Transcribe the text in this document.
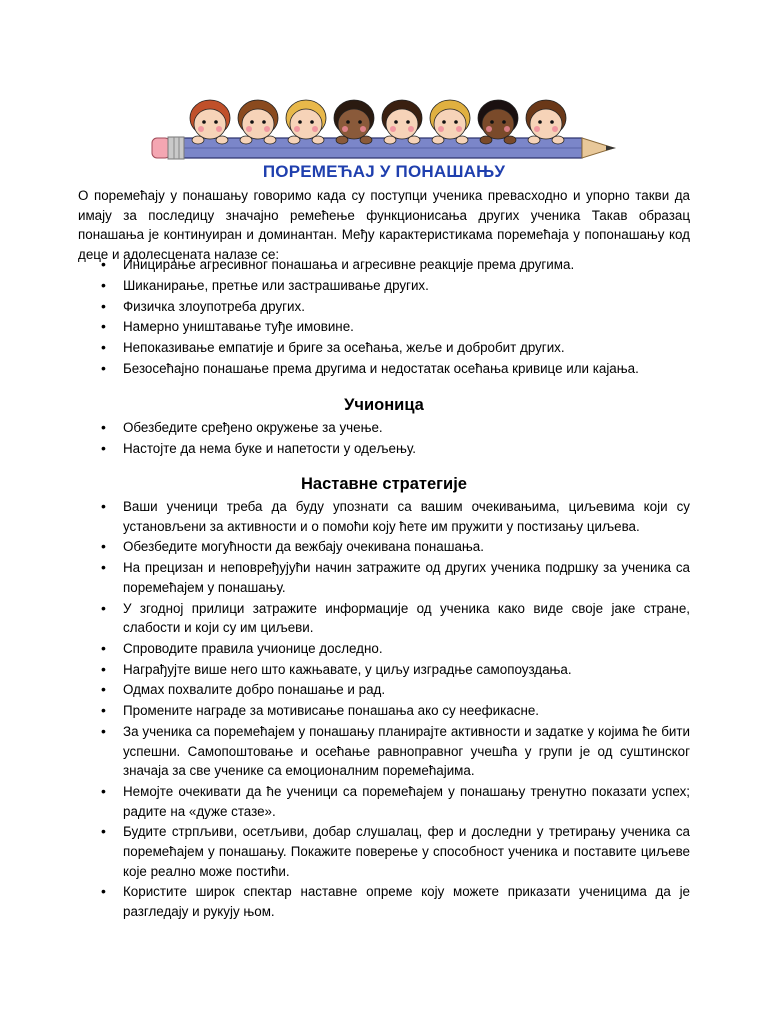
ПОРЕМЕЋАЈ У ПОНАШАЊУ
О поремећају у понашању говоримо када су поступци ученика превасходно и упорно такви да имају за последицу значајно ремећење функционисања других ученика Такав образац понашања је континуиран и доминантан. Међу карактеристикама поремећаја у попонашању код деце и адолесцената налазе се:
• Иницирање агресивног понашања и агресивне реакције према другима.
• Шиканирање, претње или застрашивање других.
• Физичка злоупотреба других.
• Намерно уништавање туђе имовине.
• Непоказивање емпатије и бриге за осећања, жеље и добробит других.
• Безосећајно понашање према другима и недостатак осећања кривице или кајања.
Учионица
• Обезбедите сређено окружење за учење.
• Настојте да нема буке и напетости у одељењу.
Наставне стратегије
• Ваши ученици треба да буду упознати са вашим очекивањима, циљевима који су установљени за активности и о помоћи коју ћете им пружити у постизању циљева.
• Обезбедите могућности да вежбају очекивана понашања.
• На прецизан и неповређујући начин затражите од других ученика подршку за ученика са поремећајем у понашању.
• У згодној прилици затражите информације од ученика како виде своје јаке стране, слабости и који су им циљеви.
• Спроводите правила учионице доследно.
• Награђујте више него што кажњавате, у циљу изградње самопоуздања.
• Одмах похвалите добро понашање и рад.
• Промените награде за мотивисање понашања ако су неефикасне.
• За ученика са поремећајем у понашању планирајте активности и задатке у којима ће бити успешни. Самопоштовање и осећање равноправног учешћа у групи је од суштинског значаја за све ученике са емоционалним поремећајима.
• Немојте очекивати да ће ученици са поремећајем у понашању тренутно показати успех; радите на «дуже стазе».
• Будите стрпљиви, осетљиви, добар слушалац, фер и доследни у третирању ученика са поремећајем у понашању. Покажите поверење у способност ученика и поставите циљеве које реално може постићи.
• Користите широк спектар наставне опреме коју можете приказати ученицима да је разгледају и рукују њом.
